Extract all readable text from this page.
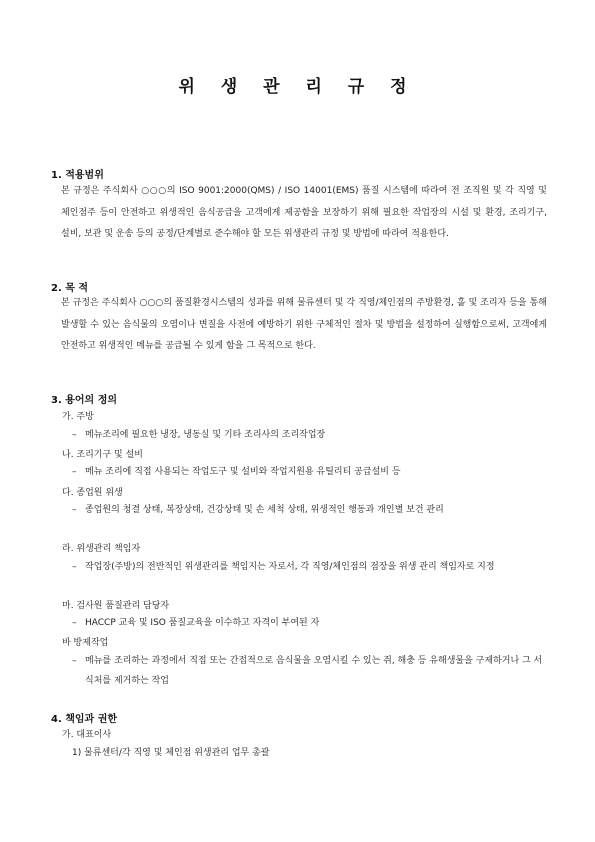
위 생 관 리 규 정
1. 적용범위
본 규정은 주식회사 ○○○의 ISO 9001:2000(QMS) / ISO 14001(EMS) 품질 시스템에 따라여 전 조직원 및 각 직영 및 체인점주 등이 안전하고 위생적인 음식공급을 고객에게 제공함을 보장하기 위해 필요한 작업장의 시설 및 환경, 조리기구, 설비, 보관 및 운송 등의 공정/단계별로 준수해야 할 모든 위생관리 규정 및 방법에 따라여 적용한다.
2. 목 적
본 규정은 주식회사 ○○○의 품질환경시스템의 성과를 위해 물류센터 및 각 직영/체인점의 주방환경, 홀 및 조리자 등을 통해 발생할 수 있는 음식물의 오염이나 변질을 사전에 예방하기 위한 구체적인 절차 및 방법을 설정하여 실행함으로써, 고객에게 안전하고 위생적인 메뉴를 공급될 수 있게 함을 그 목적으로 한다.
3. 용어의 정의
가. 주방
– 메뉴조리에 필요한 냉장, 냉동실 및 기타 조리사의 조리작업장
나. 조리기구 및 설비
– 메뉴 조리에 직접 사용되는 작업도구 및 설비와 작업지원용 유틸리티 공급설비 등
다. 종업원 위생
– 종업원의 청결 상태, 복장상태, 건강상태 및 손 세척 상태, 위생적인 행동과 개인별 보건 관리
라. 위생관리 책임자
– 작업장(주방)의 전반적인 위생관리를 책임지는 자로서, 각 직영/체인점의 점장을 위생 관리 책임자로 지정
마. 검사원 품질관리 담당자
– HACCP 교육 및 ISO 품질교육을 이수하고 자격이 부여된 자
바 방제작업
– 메뉴를 조리하는 과정에서 직접 또는 간접적으로 음식물을 오염시킬 수 있는 쥐, 해충 등 유해생물을 구제하거나 그 서식처를 제거하는 작업
4. 책임과 권한
가. 대표이사
1) 물류센터/각 직영 및 체인점 위생관리 업무 총괄
